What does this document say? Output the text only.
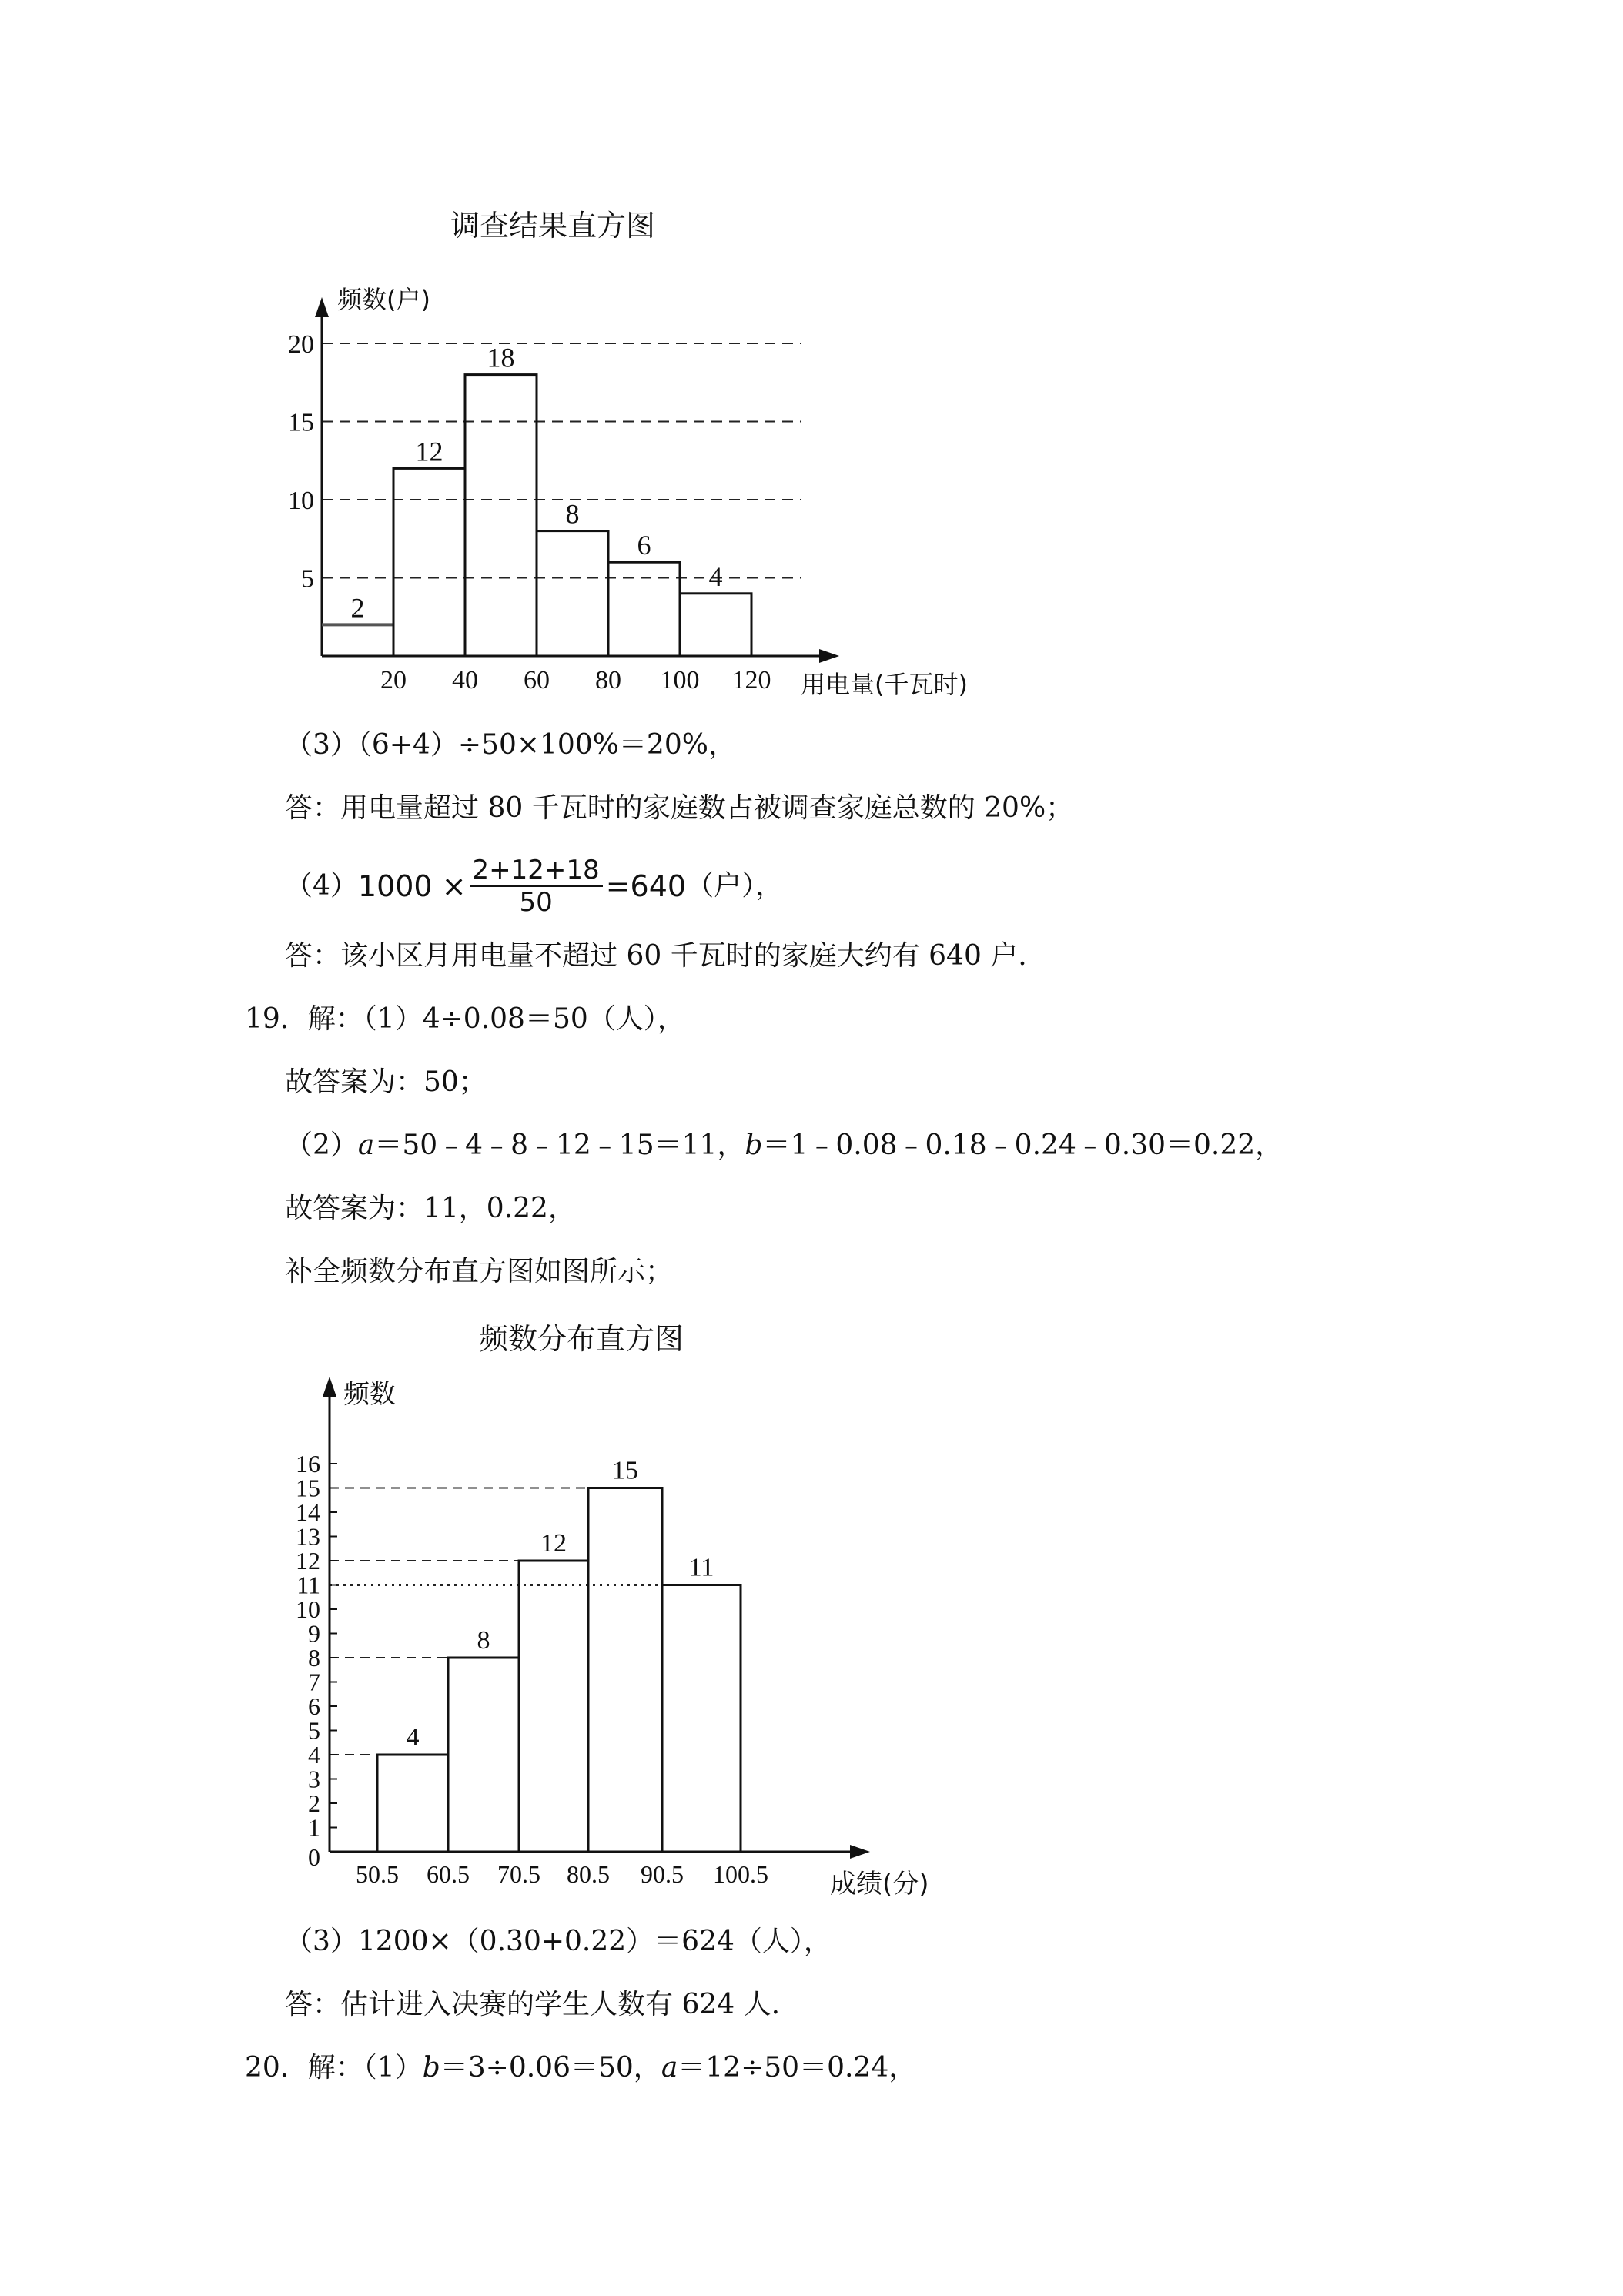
调查结果直方图
2
12
18
8
6
4
20 40 60 80 100 120
5
10
15
20
频数(户)
用电量(千瓦时)
（3）（6+4）÷50×100%＝20%，
答：用电量超过 80 千瓦时的家庭数占被调查家庭总数的 20%；
（4） $1000 \times \frac{2+12+18}{50} =640$ （户），
答：该小区月用电量不超过 60 千瓦时的家庭大约有 640 户.
19．解：（1）4÷0.08＝50（人），
故答案为：50；
（2）a＝50﹣4﹣8﹣12﹣15＝11，b＝1﹣0.08﹣0.18﹣0.24﹣0.30＝0.22，
故答案为：11，0.22，
补全频数分布直方图如图所示；
频数分布直方图
0
1
2
3
4
5
6
7
8
9
10
11
12
13
14
15
16
4
8
12
15
11
50.5 60.5 70.5 80.5 90.5 100.5
频数
成绩(分)
（3）1200×（0.30+0.22）＝624（人），
答：估计进入决赛的学生人数有 624 人.
20．解：（1）b＝3÷0.06＝50，a＝12÷50＝0.24，
